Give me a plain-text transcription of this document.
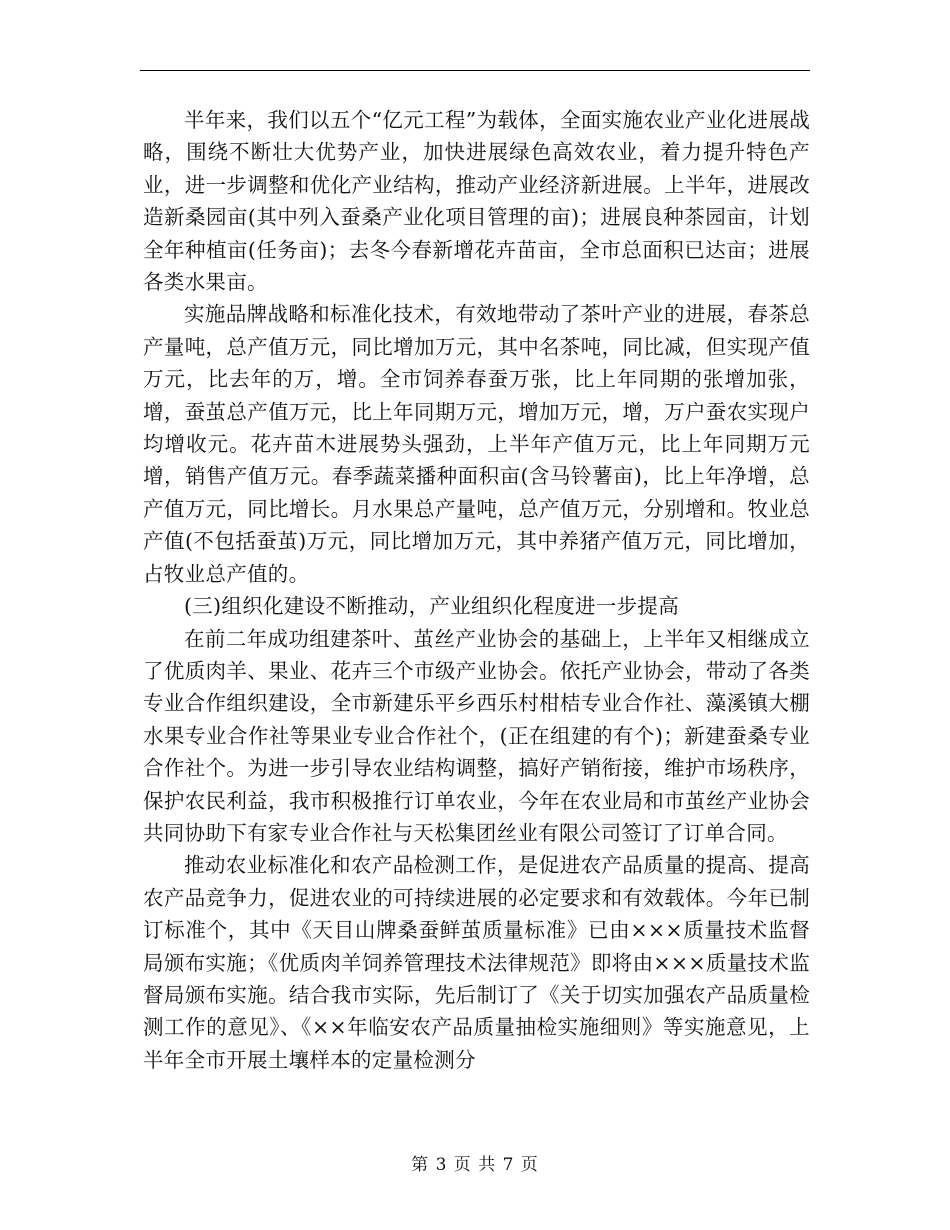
半年来，我们以五个“亿元工程”为载体，全面实施农业产业化进展战略，围绕不断壮大优势产业，加快进展绿色高效农业，着力提升特色产业，进一步调整和优化产业结构，推动产业经济新进展。上半年，进展改造新桑园亩(其中列入蚕桑产业化项目管理的亩)；进展良种茶园亩，计划全年种植亩(任务亩)；去冬今春新增花卉苗亩，全市总面积已达亩；进展各类水果亩。

实施品牌战略和标准化技术，有效地带动了茶叶产业的进展，春茶总产量吨，总产值万元，同比增加万元，其中名茶吨，同比减，但实现产值万元，比去年的万，增。全市饲养春蚕万张，比上年同期的张增加张，增，蚕茧总产值万元，比上年同期万元，增加万元，增，万户蚕农实现户均增收元。花卉苗木进展势头强劲，上半年产值万元，比上年同期万元增，销售产值万元。春季蔬菜播种面积亩(含马铃薯亩)，比上年净增，总产值万元，同比增长。月水果总产量吨，总产值万元，分别增和。牧业总产值(不包括蚕茧)万元，同比增加万元，其中养猪产值万元，同比增加，占牧业总产值的。

(三)组织化建设不断推动，产业组织化程度进一步提高

在前二年成功组建茶叶、茧丝产业协会的基础上，上半年又相继成立了优质肉羊、果业、花卉三个市级产业协会。依托产业协会，带动了各类专业合作组织建设，全市新建乐平乡西乐村柑桔专业合作社、藻溪镇大棚水果专业合作社等果业专业合作社个，(正在组建的有个)；新建蚕桑专业合作社个。为进一步引导农业结构调整，搞好产销衔接，维护市场秩序，保护农民利益，我市积极推行订单农业，今年在农业局和市茧丝产业协会共同协助下有家专业合作社与天松集团丝业有限公司签订了订单合同。

推动农业标准化和农产品检测工作，是促进农产品质量的提高、提高农产品竞争力，促进农业的可持续进展的必定要求和有效载体。今年已制订标准个，其中《天目山牌桑蚕鲜茧质量标准》已由×××质量技术监督局颁布实施；《优质肉羊饲养管理技术法律规范》即将由×××质量技术监督局颁布实施。结合我市实际，先后制订了《关于切实加强农产品质量检测工作的意见》、《××年临安农产品质量抽检实施细则》等实施意见，上半年全市开展土壤样本的定量检测分

第 3 页 共 7 页
